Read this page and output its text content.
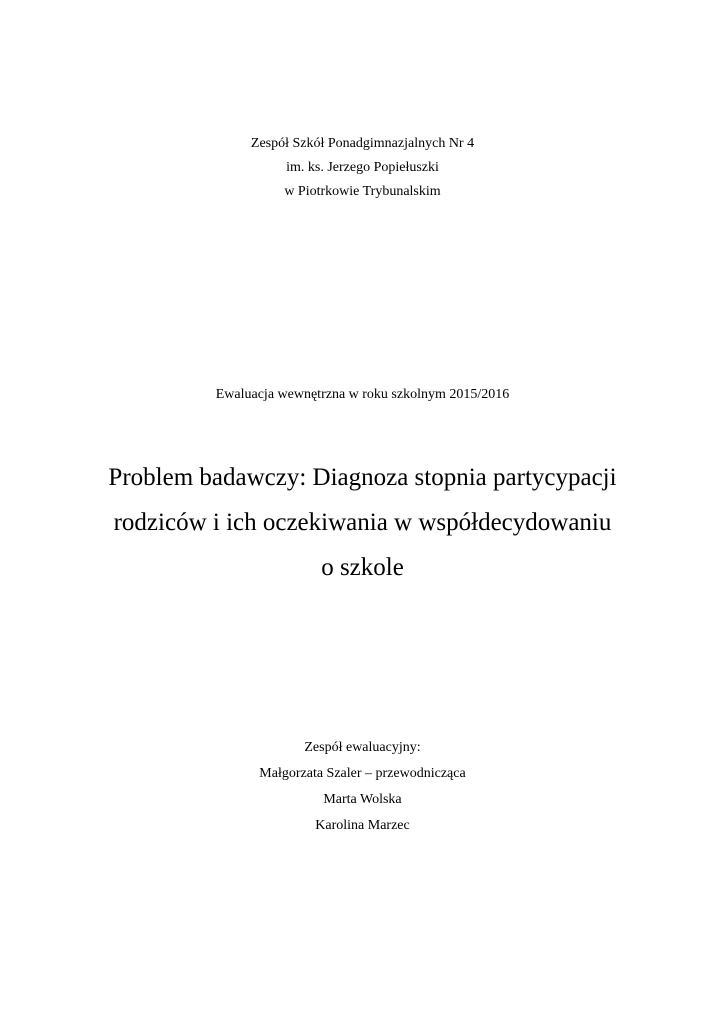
Zespół Szkół Ponadgimnazjalnych Nr 4
im. ks. Jerzego Popiełuszki
w Piotrkowie Trybunalskim
Ewaluacja wewnętrzna w roku szkolnym 2015/2016
Problem badawczy: Diagnoza stopnia partycypacji
rodziców i ich oczekiwania w współdecydowaniu
o szkole
Zespół ewaluacyjny:
Małgorzata Szaler – przewodnicząca
Marta Wolska
Karolina Marzec
